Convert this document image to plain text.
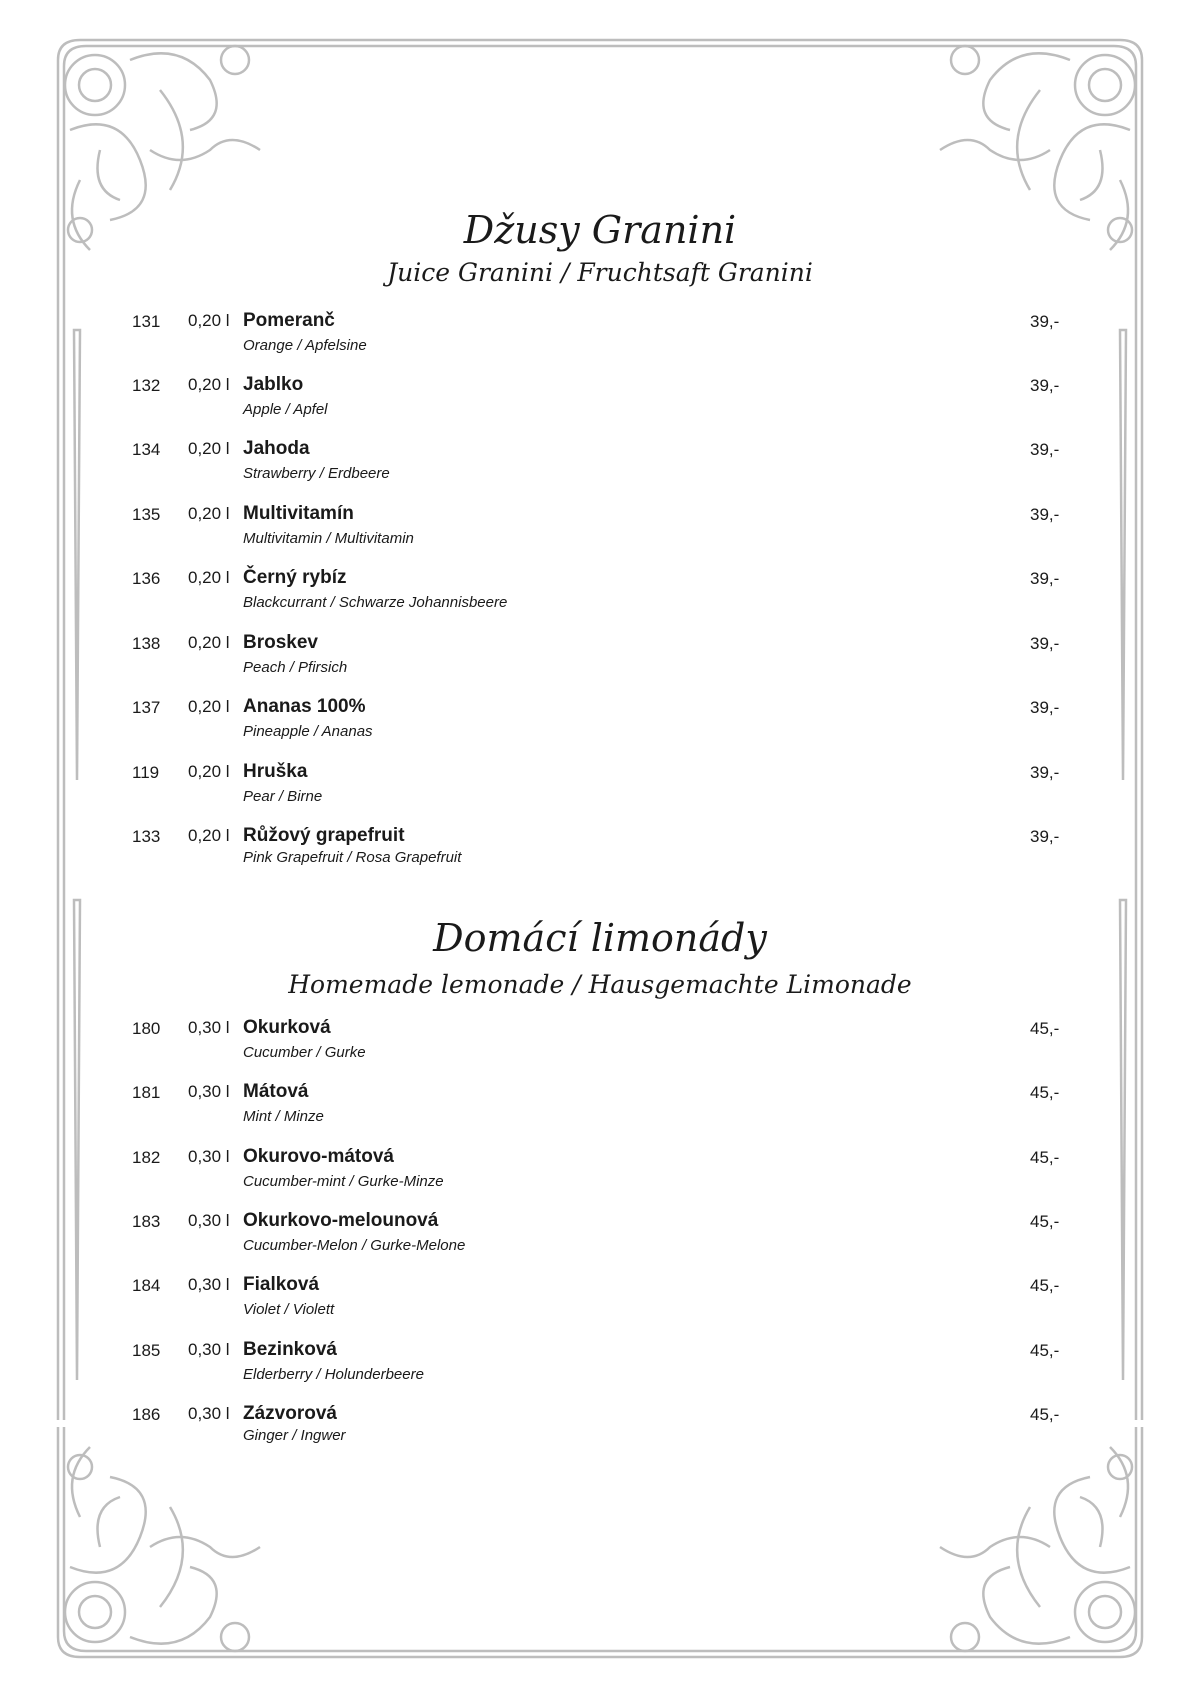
Džusy Granini
Juice Granini / Fruchtsaft Granini
131 0,20 l Pomeranč
Orange / Apfelsine
39,-
132 0,20 l Jablko
Apple / Apfel
39,-
134 0,20 l Jahoda
Strawberry / Erdbeere
39,-
135 0,20 l Multivitamín
Multivitamin / Multivitamin
39,-
136 0,20 l Černý rybíz
Blackcurrant / Schwarze Johannisbeere
39,-
138 0,20 l Broskev
Peach / Pfirsich
39,-
137 0,20 l Ananas 100%
Pineapple / Ananas
39,-
119 0,20 l Hruška
Pear / Birne
39,-
133 0,20 l Růžový grapefruit
Pink Grapefruit / Rosa Grapefruit
39,-
Domácí limonády
Homemade lemonade / Hausgemachte Limonade
180 0,30 l Okurková
Cucumber / Gurke
45,-
181 0,30 l Mátová
Mint / Minze
45,-
182 0,30 l Okurovo-mátová
Cucumber-mint / Gurke-Minze
45,-
183 0,30 l Okurkovo-melounová
Cucumber-Melon / Gurke-Melone
45,-
184 0,30 l Fialková
Violet / Violett
45,-
185 0,30 l Bezinková
Elderberry / Holunderbeere
45,-
186 0,30 l Zázvorová
Ginger / Ingwer
45,-
